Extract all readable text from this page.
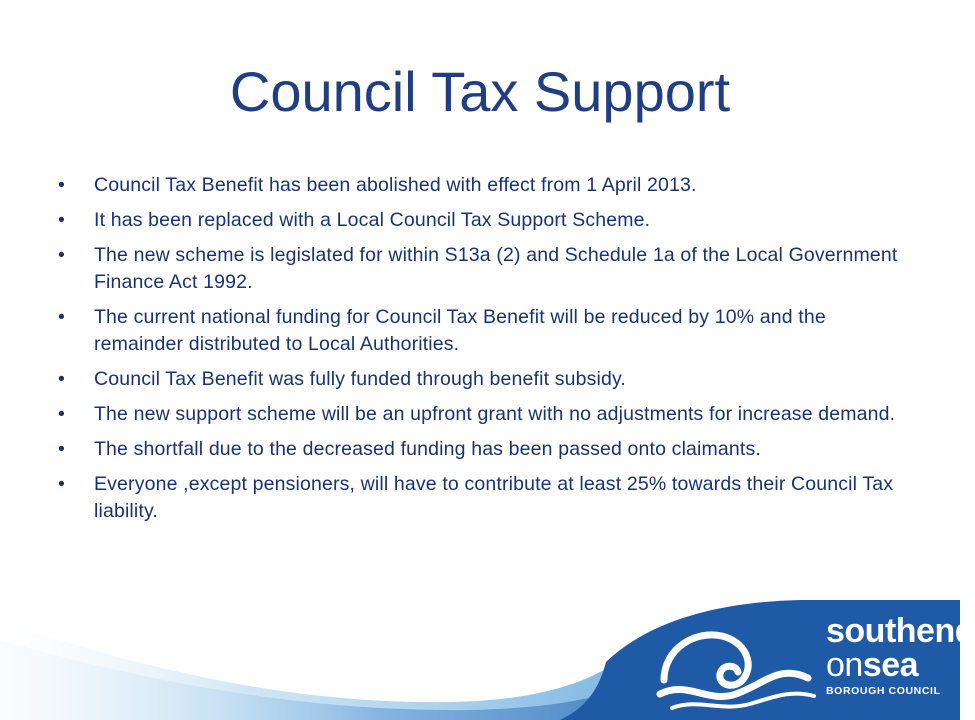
Council Tax Support
•	Council Tax Benefit has been abolished with effect from 1 April 2013.
•	It has been replaced with a Local Council Tax Support Scheme.
•	The new scheme is legislated for within S13a (2) and Schedule 1a of the Local Government Finance Act 1992.
•	The current national funding for Council Tax Benefit will be reduced by 10% and the remainder distributed to Local Authorities.
•	Council Tax Benefit was fully funded through benefit subsidy.
•	The new support scheme will be an upfront grant with no adjustments for increase demand.
•	The shortfall due to the decreased funding has been passed onto claimants.
•	Everyone ,except pensioners, will have to contribute at least 25% towards their Council Tax liability.
southend
onsea
BOROUGH COUNCIL
